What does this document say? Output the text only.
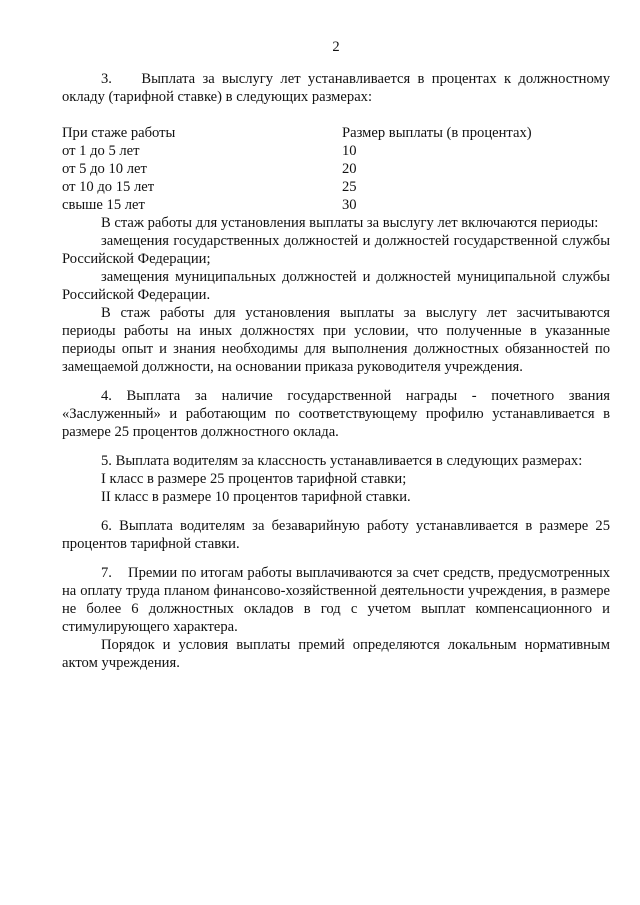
2

3.    Выплата за выслугу лет устанавливается в процентах к должностному окладу (тарифной ставке) в следующих размерах:

При стаже работы	Размер выплаты (в процентах)
от 1 до 5 лет	10
от 5 до 10 лет	20
от 10 до 15 лет	25
свыше 15 лет	30

В стаж работы для установления выплаты за выслугу лет включаются периоды:

замещения государственных должностей и должностей государственной службы Российской Федерации;

замещения муниципальных должностей и должностей муниципальной службы Российской Федерации.

В стаж работы для установления выплаты за выслугу лет засчитываются периоды работы на иных должностях при условии, что полученные в указанные периоды опыт и знания необходимы для выполнения должностных обязанностей по замещаемой должности, на основании приказа руководителя учреждения.

4. Выплата за наличие государственной награды - почетного звания «Заслуженный» и работающим по соответствующему профилю устанавливается в размере 25 процентов должностного оклада.

5. Выплата водителям за классность устанавливается в следующих размерах:

I класс в размере 25 процентов тарифной ставки;

II класс в размере 10 процентов тарифной ставки.

6. Выплата водителям за безаварийную работу устанавливается в размере 25 процентов тарифной ставки.

7.    Премии по итогам работы выплачиваются за счет средств, предусмотренных на оплату труда планом финансово-хозяйственной деятельности учреждения, в размере не более 6 должностных окладов в год с учетом выплат компенсационного и стимулирующего характера.

Порядок и условия выплаты премий определяются локальным нормативным актом учреждения.
